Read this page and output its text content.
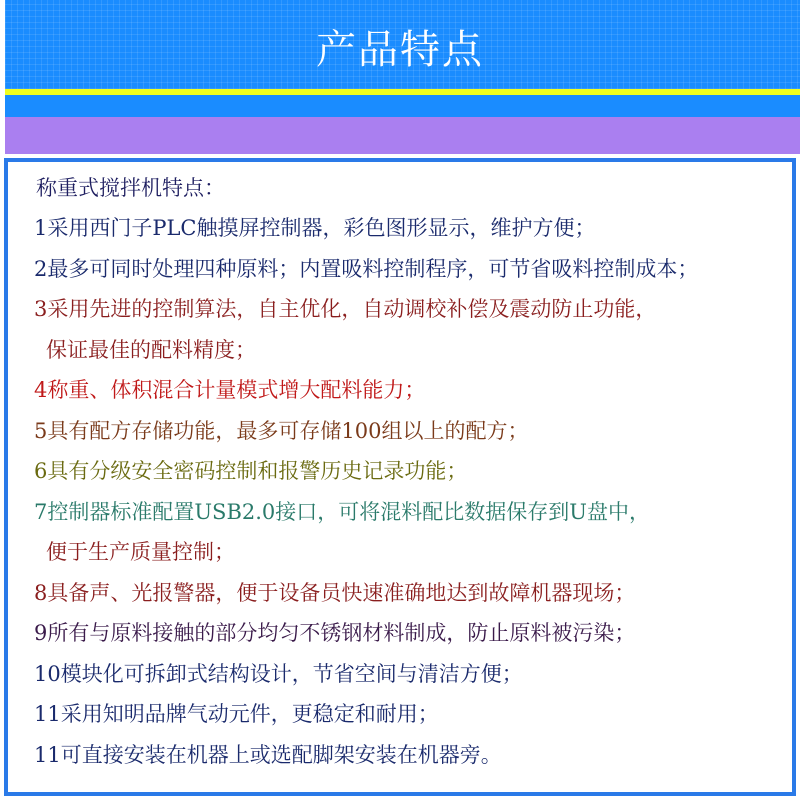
产品特点
称重式搅拌机特点：
1采用西门子PLC触摸屏控制器，彩色图形显示，维护方便；
2最多可同时处理四种原料；内置吸料控制程序，可节省吸料控制成本；
3采用先进的控制算法，自主优化，自动调校补偿及震动防止功能，
保证最佳的配料精度；
4称重、体积混合计量模式增大配料能力；
5具有配方存储功能，最多可存储100组以上的配方；
6具有分级安全密码控制和报警历史记录功能；
7控制器标准配置USB2.0接口，可将混料配比数据保存到U盘中，
便于生产质量控制；
8具备声、光报警器，便于设备员快速准确地达到故障机器现场；
9所有与原料接触的部分均匀不锈钢材料制成，防止原料被污染；
10模块化可拆卸式结构设计，节省空间与清洁方便；
11采用知明品牌气动元件，更稳定和耐用；
11可直接安装在机器上或选配脚架安装在机器旁。
